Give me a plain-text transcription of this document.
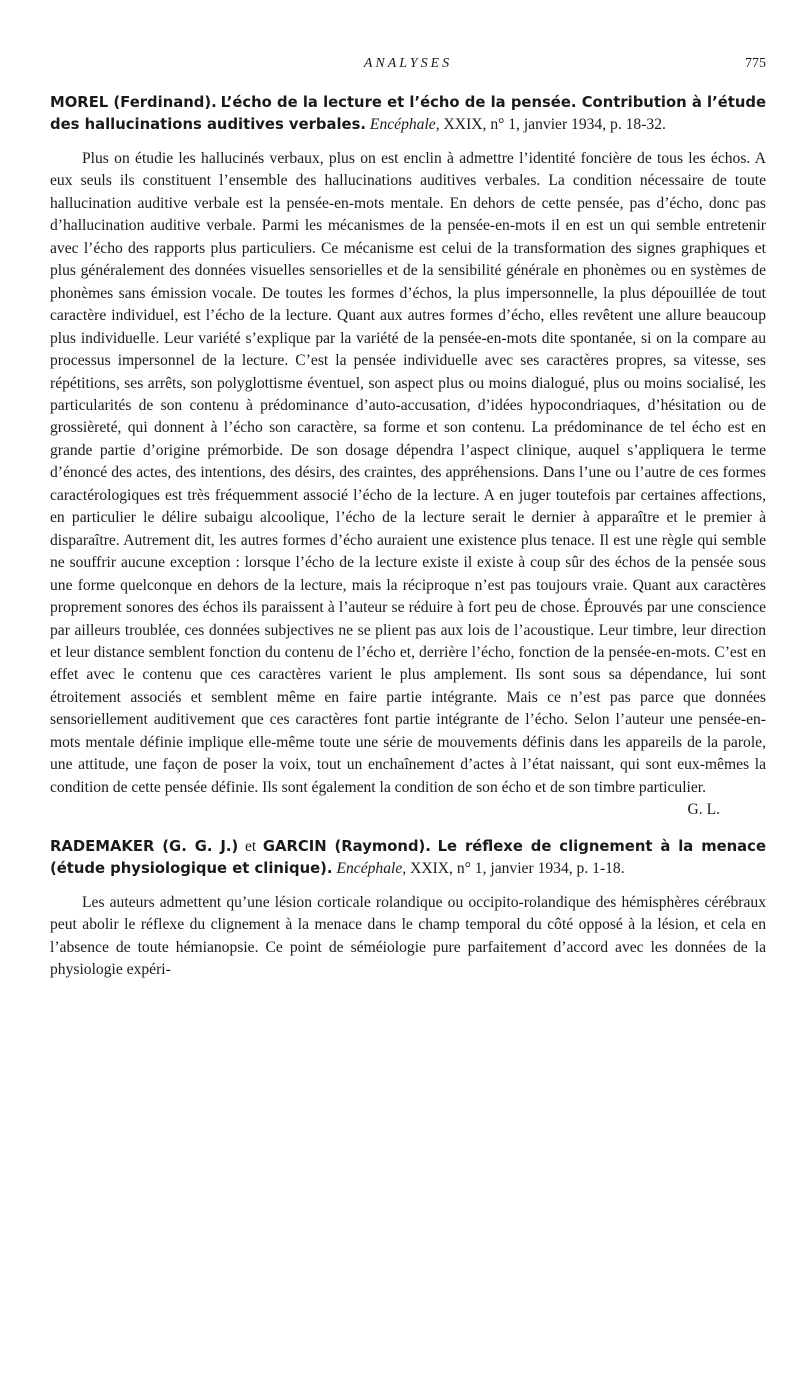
ANALYSES	775
MOREL (Ferdinand). L’écho de la lecture et l’écho de la pensée. Contribution à l’étude des hallucinations auditives verbales. Encéphale, XXIX, n° 1, janvier 1934, p. 18-32.
Plus on étudie les hallucinés verbaux, plus on est enclin à admettre l’identité foncière de tous les échos. A eux seuls ils constituent l’ensemble des hallucinations auditives verbales. La condition nécessaire de toute hallucination auditive verbale est la pensée-en-mots mentale. En dehors de cette pensée, pas d’écho, donc pas d’hallucination auditive verbale. Parmi les mécanismes de la pensée-en-mots il en est un qui semble entretenir avec l’écho des rapports plus particuliers. Ce mécanisme est celui de la transformation des signes graphiques et plus généralement des données visuelles sensorielles et de la sensibilité générale en phonèmes ou en systèmes de phonèmes sans émission vocale. De toutes les formes d’échos, la plus impersonnelle, la plus dépouillée de tout caractère individuel, est l’écho de la lecture. Quant aux autres formes d’écho, elles revêtent une allure beaucoup plus individuelle. Leur variété s’explique par la variété de la pensée-en-mots dite spontanée, si on la compare au processus impersonnel de la lecture. C’est la pensée individuelle avec ses caractères propres, sa vitesse, ses répétitions, ses arrêts, son polyglottisme éventuel, son aspect plus ou moins dialogué, plus ou moins socialisé, les particularités de son contenu à prédominance d’auto-accusation, d’idées hypocondriaques, d’hésitation ou de grossièreté, qui donnent à l’écho son caractère, sa forme et son contenu. La prédominance de tel écho est en grande partie d’origine prémorbide. De son dosage dépendra l’aspect clinique, auquel s’appliquera le terme d’énoncé des actes, des intentions, des désirs, des craintes, des appréhensions. Dans l’une ou l’autre de ces formes caractérologiques est très fréquemment associé l’écho de la lecture. A en juger toutefois par certaines affections, en particulier le délire subaigu alcoolique, l’écho de la lecture serait le dernier à apparaître et le premier à disparaître. Autrement dit, les autres formes d’écho auraient une existence plus tenace. Il est une règle qui semble ne souffrir aucune exception : lorsque l’écho de la lecture existe il existe à coup sûr des échos de la pensée sous une forme quelconque en dehors de la lecture, mais la réciproque n’est pas toujours vraie. Quant aux caractères proprement sonores des échos ils paraissent à l’auteur se réduire à fort peu de chose. Éprouvés par une conscience par ailleurs troublée, ces données subjectives ne se plient pas aux lois de l’acoustique. Leur timbre, leur direction et leur distance semblent fonction du contenu de l’écho et, derrière l’écho, fonction de la pensée-en-mots. C’est en effet avec le contenu que ces caractères varient le plus amplement. Ils sont sous sa dépendance, lui sont étroitement associés et semblent même en faire partie intégrante. Mais ce n’est pas parce que données sensoriellement auditivement que ces caractères font partie intégrante de l’écho. Selon l’auteur une pensée-en-mots mentale définie implique elle-même toute une série de mouvements définis dans les appareils de la parole, une attitude, une façon de poser la voix, tout un enchaînement d’actes à l’état naissant, qui sont eux-mêmes la condition de cette pensée définie. Ils sont également la condition de son écho et de son timbre particulier.
G. L.
RADEMAKER (G. G. J.) et GARCIN (Raymond). Le réflexe de clignement à la menace (étude physiologique et clinique). Encéphale, XXIX, n° 1, janvier 1934, p. 1-18.
Les auteurs admettent qu’une lésion corticale rolandique ou occipito-rolandique des hémisphères cérébraux peut abolir le réflexe du clignement à la menace dans le champ temporal du côté opposé à la lésion, et cela en l’absence de toute hémianopsie. Ce point de séméiologie pure parfaitement d’accord avec les données de la physiologie expéri-
